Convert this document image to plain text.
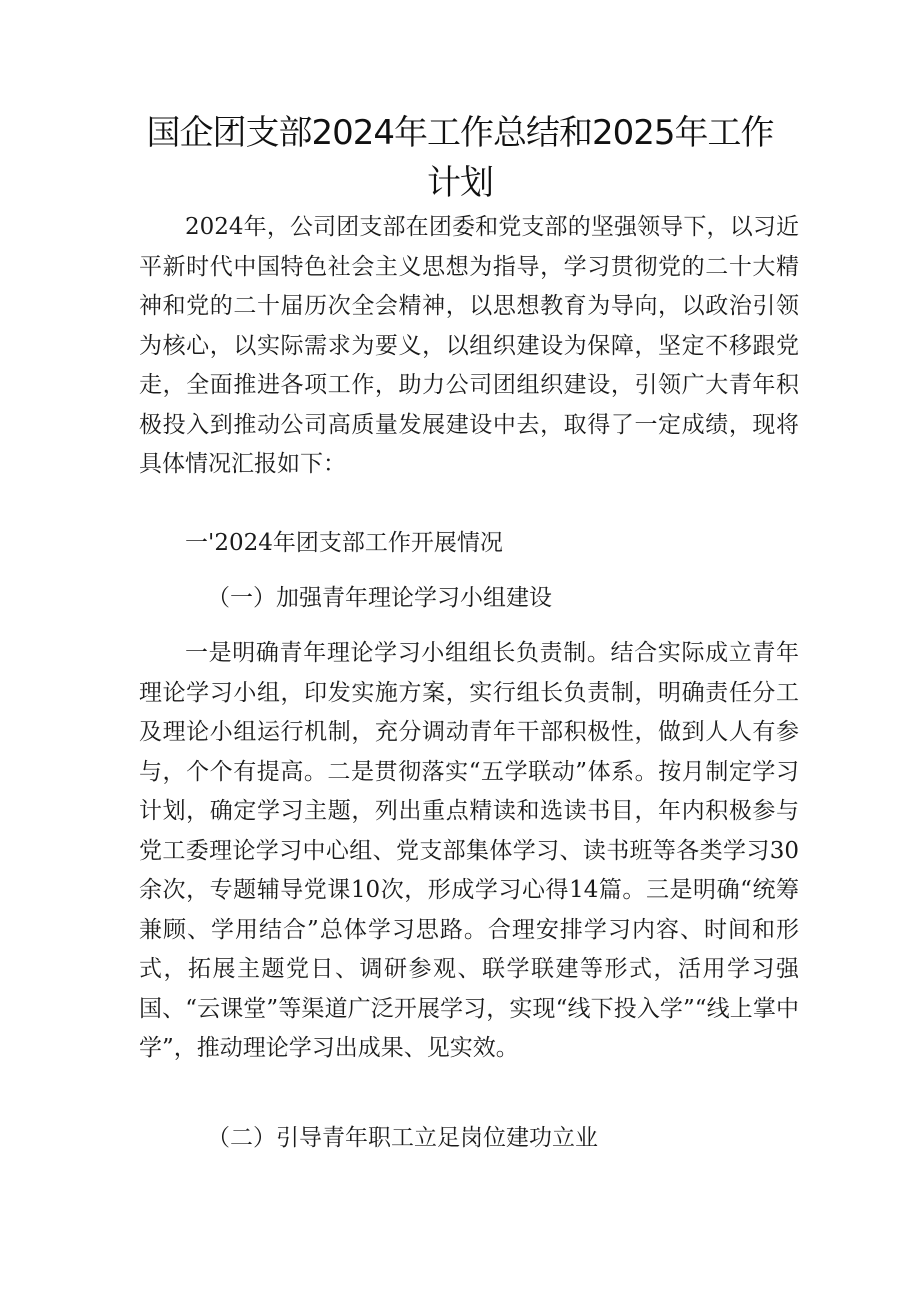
国企团支部2024年工作总结和2025年工作计划

2024年，公司团支部在团委和党支部的坚强领导下，以习近平新时代中国特色社会主义思想为指导，学习贯彻党的二十大精神和党的二十届历次全会精神，以思想教育为导向，以政治引领为核心，以实际需求为要义，以组织建设为保障，坚定不移跟党走，全面推进各项工作，助力公司团组织建设，引领广大青年积极投入到推动公司高质量发展建设中去，取得了一定成绩，现将具体情况汇报如下：

一'2024年团支部工作开展情况

（一）加强青年理论学习小组建设

一是明确青年理论学习小组组长负责制。结合实际成立青年理论学习小组，印发实施方案，实行组长负责制，明确责任分工及理论小组运行机制，充分调动青年干部积极性，做到人人有参与，个个有提高。二是贯彻落实“五学联动”体系。按月制定学习计划，确定学习主题，列出重点精读和选读书目，年内积极参与党工委理论学习中心组、党支部集体学习、读书班等各类学习30余次，专题辅导党课10次，形成学习心得14篇。三是明确“统筹兼顾、学用结合”总体学习思路。合理安排学习内容、时间和形式，拓展主题党日、调研参观、联学联建等形式，活用学习强国、“云课堂”等渠道广泛开展学习，实现“线下投入学”“线上掌中学”，推动理论学习出成果、见实效。

（二）引导青年职工立足岗位建功立业
